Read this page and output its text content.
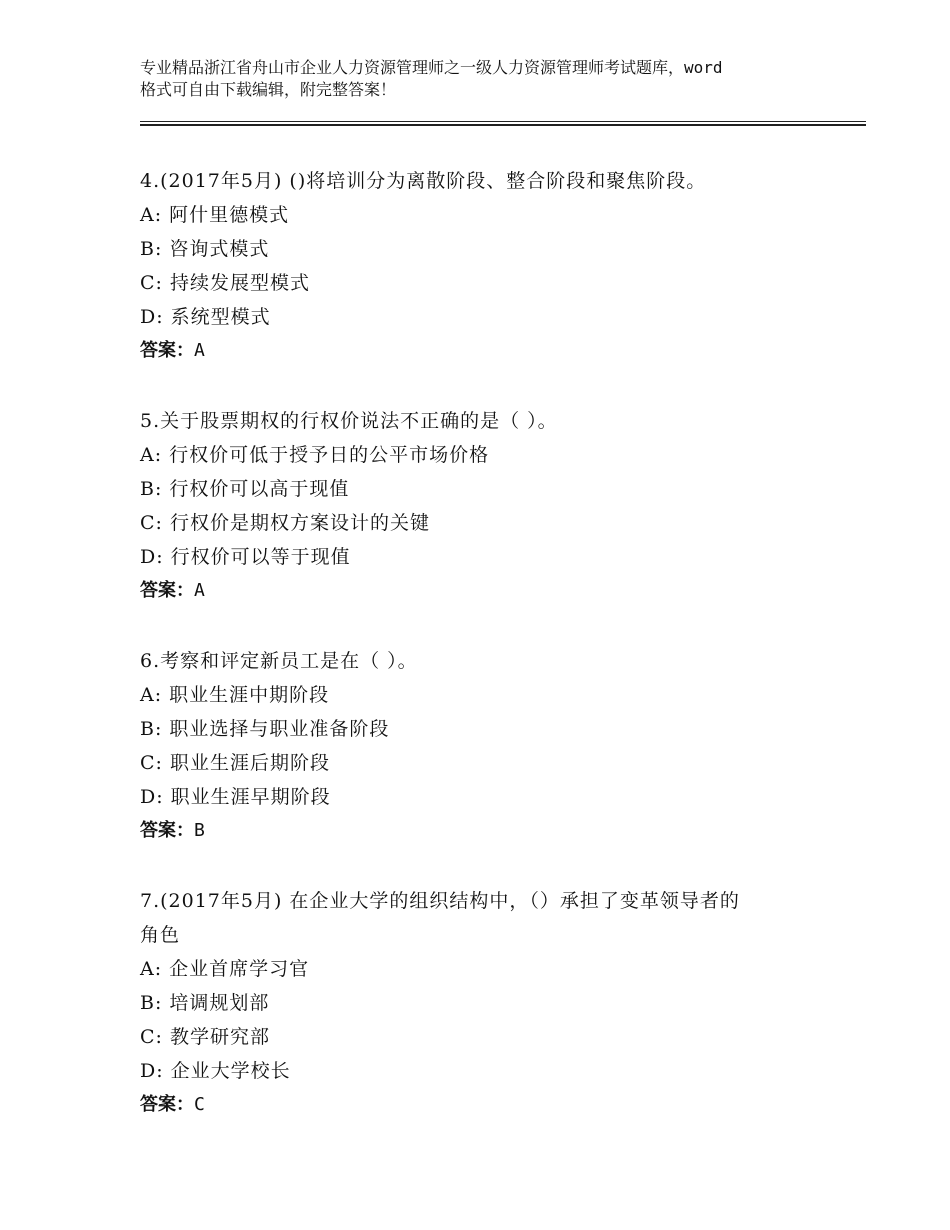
专业精品浙江省舟山市企业人力资源管理师之一级人力资源管理师考试题库，word
格式可自由下载编辑，附完整答案！
4.(2017年5月) ()将培训分为离散阶段、整合阶段和聚焦阶段。
A: 阿什里德模式
B: 咨询式模式
C: 持续发展型模式
D: 系统型模式
答案：A
5.关于股票期权的行权价说法不正确的是（ ）。
A: 行权价可低于授予日的公平市场价格
B: 行权价可以高于现值
C: 行权价是期权方案设计的关键
D: 行权价可以等于现值
答案：A
6.考察和评定新员工是在（ ）。
A: 职业生涯中期阶段
B: 职业选择与职业准备阶段
C: 职业生涯后期阶段
D: 职业生涯早期阶段
答案：B
7.(2017年5月) 在企业大学的组织结构中，（）承担了变革领导者的
角色
A: 企业首席学习官
B: 培调规划部
C: 教学研究部
D: 企业大学校长
答案：C
